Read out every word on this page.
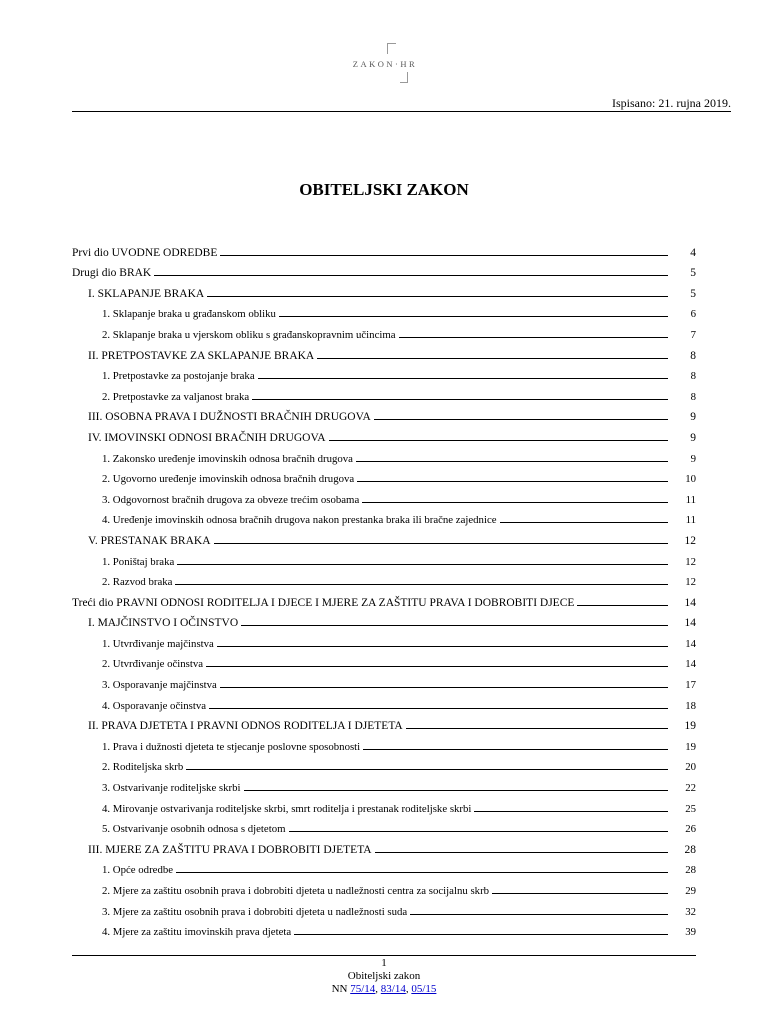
ZAKON·HR
Ispisano: 21. rujna 2019.
OBITELJSKI ZAKON
Prvi dio UVODNE ODREDBE	4
Drugi dio BRAK	5
I. SKLAPANJE BRAKA	5
1. Sklapanje braka u građanskom obliku	6
2. Sklapanje braka u vjerskom obliku s građanskopravnim učincima	7
II. PRETPOSTAVKE ZA SKLAPANJE BRAKA	8
1. Pretpostavke za postojanje braka	8
2. Pretpostavke za valjanost braka	8
III. OSOBNA PRAVA I DUŽNOSTI BRAČNIH DRUGOVA	9
IV. IMOVINSKI ODNOSI BRAČNIH DRUGOVA	9
1. Zakonsko uređenje imovinskih odnosa bračnih drugova	9
2. Ugovorno uređenje imovinskih odnosa bračnih drugova	10
3. Odgovornost bračnih drugova za obveze trećim osobama	11
4. Uređenje imovinskih odnosa bračnih drugova nakon prestanka braka ili bračne zajednice	11
V. PRESTANAK BRAKA	12
1. Poništaj braka	12
2. Razvod braka	12
Treći dio PRAVNI ODNOSI RODITELJA I DJECE I MJERE ZA ZAŠTITU PRAVA I DOBROBITI DJECE	14
I. MAJČINSTVO I OČINSTVO	14
1. Utvrđivanje majčinstva	14
2. Utvrđivanje očinstva	14
3. Osporavanje majčinstva	17
4. Osporavanje očinstva	18
II. PRAVA DJETETA I PRAVNI ODNOS RODITELJA I DJETETA	19
1. Prava i dužnosti djeteta te stjecanje poslovne sposobnosti	19
2. Roditeljska skrb	20
3. Ostvarivanje roditeljske skrbi	22
4. Mirovanje ostvarivanja roditeljske skrbi, smrt roditelja i prestanak roditeljske skrbi	25
5. Ostvarivanje osobnih odnosa s djetetom	26
III. MJERE ZA ZAŠTITU PRAVA I DOBROBITI DJETETA	28
1. Opće odredbe	28
2. Mjere za zaštitu osobnih prava i dobrobiti djeteta u nadležnosti centra za socijalnu skrb	29
3. Mjere za zaštitu osobnih prava i dobrobiti djeteta u nadležnosti suda	32
4. Mjere za zaštitu imovinskih prava djeteta	39
1
Obiteljski zakon
NN 75/14, 83/14, 05/15
